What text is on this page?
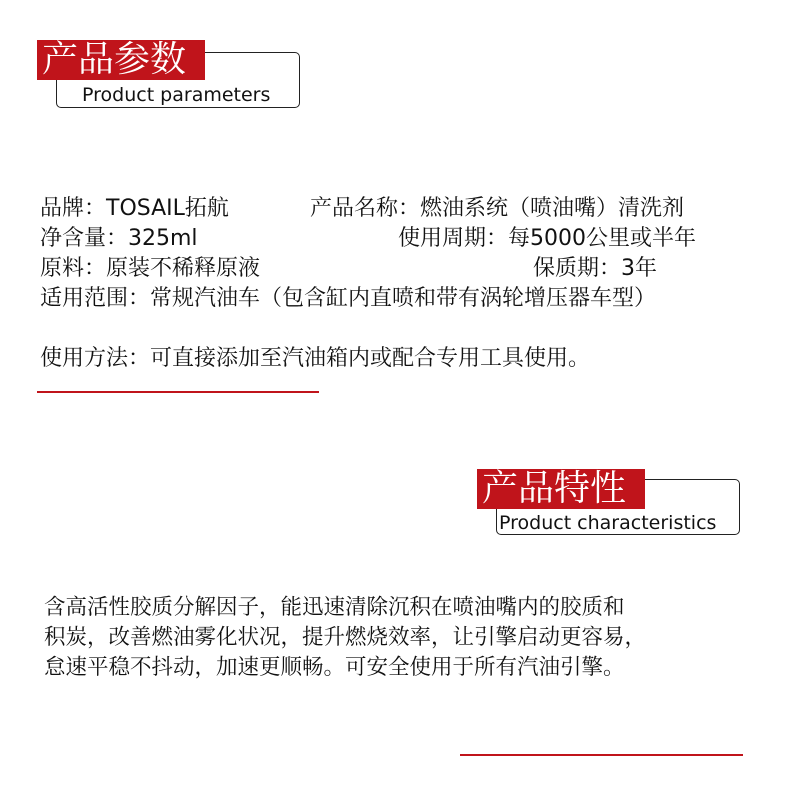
产品参数
Product parameters
品牌：TOSAIL拓航	产品名称：燃油系统（喷油嘴）清洗剂
净含量：325ml	使用周期：每5000公里或半年
原料：原装不稀释原液	保质期：3年
适用范围：常规汽油车（包含缸内直喷和带有涡轮增压器车型）
使用方法：可直接添加至汽油箱内或配合专用工具使用。
产品特性
Product characteristics
含高活性胶质分解因子，能迅速清除沉积在喷油嘴内的胶质和
积炭，改善燃油雾化状况，提升燃烧效率，让引擎启动更容易，
怠速平稳不抖动，加速更顺畅。可安全使用于所有汽油引擎。
